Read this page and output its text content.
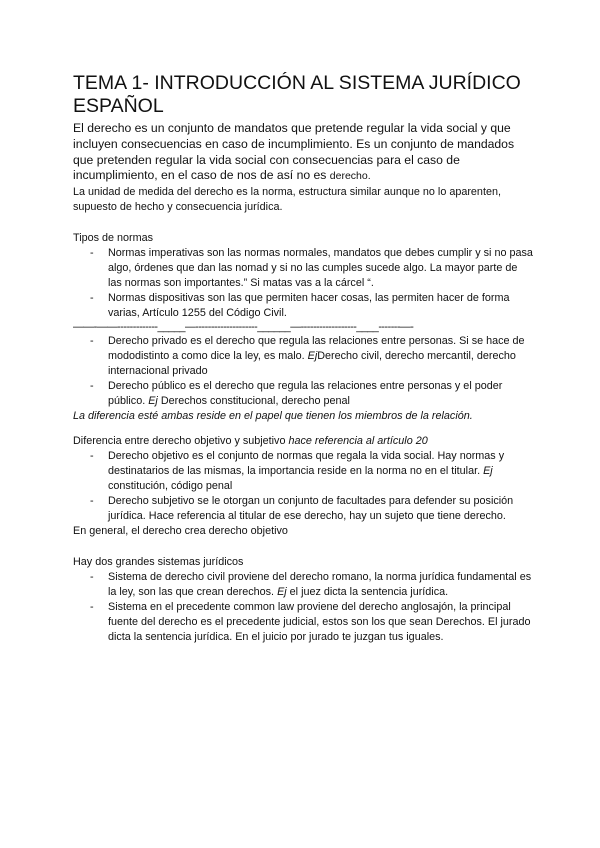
TEMA 1- INTRODUCCIÓN AL SISTEMA JURÍDICO ESPAÑOL

El derecho es un conjunto de mandatos que pretende regular la vida social y que incluyen consecuencias en caso de incumplimiento. Es un conjunto de mandados que pretenden regular la vida social con consecuencias para el caso de incumplimiento, en el caso de nos de así no es derecho.

La unidad de medida del derecho es la norma, estructura similar aunque no lo aparenten, supuesto de hecho y consecuencia jurídica.

Tipos de normas

- Normas imperativas son las normas normales, mandatos que debes cumplir y si no pasa algo, órdenes que dan las nomad y si no las cumples sucede algo. La mayor parte de las normas son importantes.” Si matas vas a la cárcel “.
- Normas dispositivas son las que permiten hacer cosas, las permiten hacer de forma varias, Artículo 1255 del Código Civil.

——-——-------------_____—--------------------______—------------------____-------—-

- Derecho privado es el derecho que regula las relaciones entre personas. Si se hace de mododistinto a como dice la ley, es malo. EjDerecho civil, derecho mercantil, derecho internacional privado
- Derecho público es el derecho que regula las relaciones entre personas y el poder público. Ej Derechos constitucional, derecho penal

La diferencia esté ambas reside en el papel que tienen los miembros de la relación.

Diferencia entre derecho objetivo y subjetivo hace referencia al artículo 20

- Derecho objetivo es el conjunto de normas que regala la vida social. Hay normas y destinatarios de las mismas, la importancia reside en la norma no en el titular. Ej constitución, código penal
- Derecho subjetivo se le otorgan un conjunto de facultades para defender su posición jurídica. Hace referencia al titular de ese derecho, hay un sujeto que tiene derecho.

En general, el derecho crea derecho objetivo

Hay dos grandes sistemas jurídicos

- Sistema de derecho civil proviene del derecho romano, la norma jurídica fundamental es la ley, son las que crean derechos. Ej el juez dicta la sentencia jurídica.
- Sistema en el precedente common law proviene del derecho anglosajón, la principal fuente del derecho es el precedente judicial, estos son los que sean Derechos. El jurado dicta la sentencia jurídica. En el juicio por jurado te juzgan tus iguales.
